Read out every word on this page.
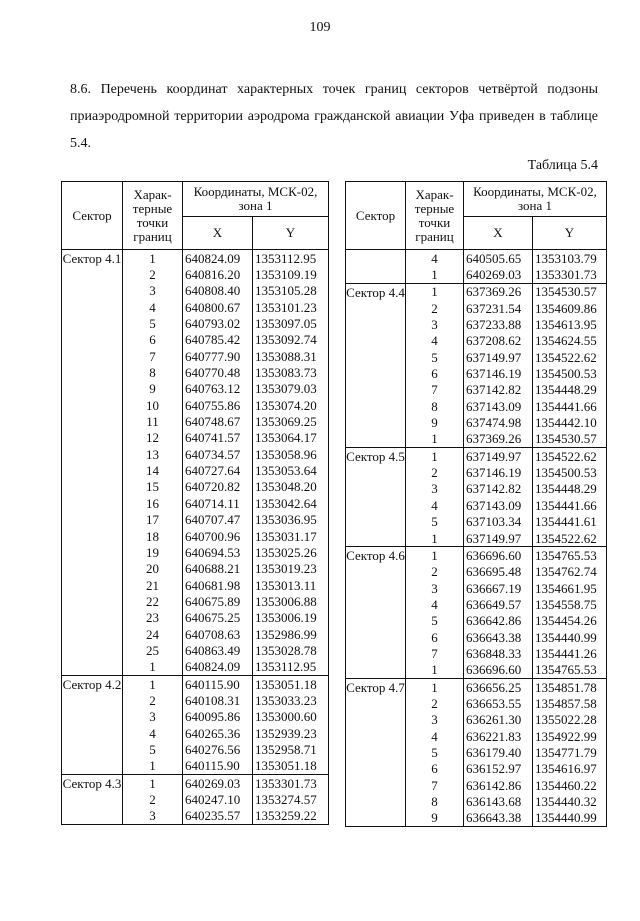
109
8.6. Перечень координат характерных точек границ секторов четвёртой подзоны приаэродромной территории аэродрома гражданской авиации Уфа приведен в таблице 5.4.
Таблица 5.4
Сектор	Харак-терные точки границ	Координаты, МСК-02, зона 1	
		X	Y
Сектор 4.1	1	640824.09	1353112.95
	2	640816.20	1353109.19
	3	640808.40	1353105.28
	4	640800.67	1353101.23
	5	640793.02	1353097.05
	6	640785.42	1353092.74
	7	640777.90	1353088.31
	8	640770.48	1353083.73
	9	640763.12	1353079.03
	10	640755.86	1353074.20
	11	640748.67	1353069.25
	12	640741.57	1353064.17
	13	640734.57	1353058.96
	14	640727.64	1353053.64
	15	640720.82	1353048.20
	16	640714.11	1353042.64
	17	640707.47	1353036.95
	18	640700.96	1353031.17
	19	640694.53	1353025.26
	20	640688.21	1353019.23
	21	640681.98	1353013.11
	22	640675.89	1353006.88
	23	640675.25	1353006.19
	24	640708.63	1352986.99
	25	640863.49	1353028.78
	1	640824.09	1353112.95
Сектор 4.2	1	640115.90	1353051.18
	2	640108.31	1353033.23
	3	640095.86	1353000.60
	4	640265.36	1352939.23
	5	640276.56	1352958.71
	1	640115.90	1353051.18
Сектор 4.3	1	640269.03	1353301.73
	2	640247.10	1353274.57
	3	640235.57	1353259.22
Сектор	Харак-терные точки границ	Координаты, МСК-02, зона 1	
		X	Y
	4	640505.65	1353103.79
	1	640269.03	1353301.73
Сектор 4.4	1	637369.26	1354530.57
	2	637231.54	1354609.86
	3	637233.88	1354613.95
	4	637208.62	1354624.55
	5	637149.97	1354522.62
	6	637146.19	1354500.53
	7	637142.82	1354448.29
	8	637143.09	1354441.66
	9	637474.98	1354442.10
	1	637369.26	1354530.57
Сектор 4.5	1	637149.97	1354522.62
	2	637146.19	1354500.53
	3	637142.82	1354448.29
	4	637143.09	1354441.66
	5	637103.34	1354441.61
	1	637149.97	1354522.62
Сектор 4.6	1	636696.60	1354765.53
	2	636695.48	1354762.74
	3	636667.19	1354661.95
	4	636649.57	1354558.75
	5	636642.86	1354454.26
	6	636643.38	1354440.99
	7	636848.33	1354441.26
	1	636696.60	1354765.53
Сектор 4.7	1	636656.25	1354851.78
	2	636653.55	1354857.58
	3	636261.30	1355022.28
	4	636221.83	1354922.99
	5	636179.40	1354771.79
	6	636152.97	1354616.97
	7	636142.86	1354460.22
	8	636143.68	1354440.32
	9	636643.38	1354440.99
